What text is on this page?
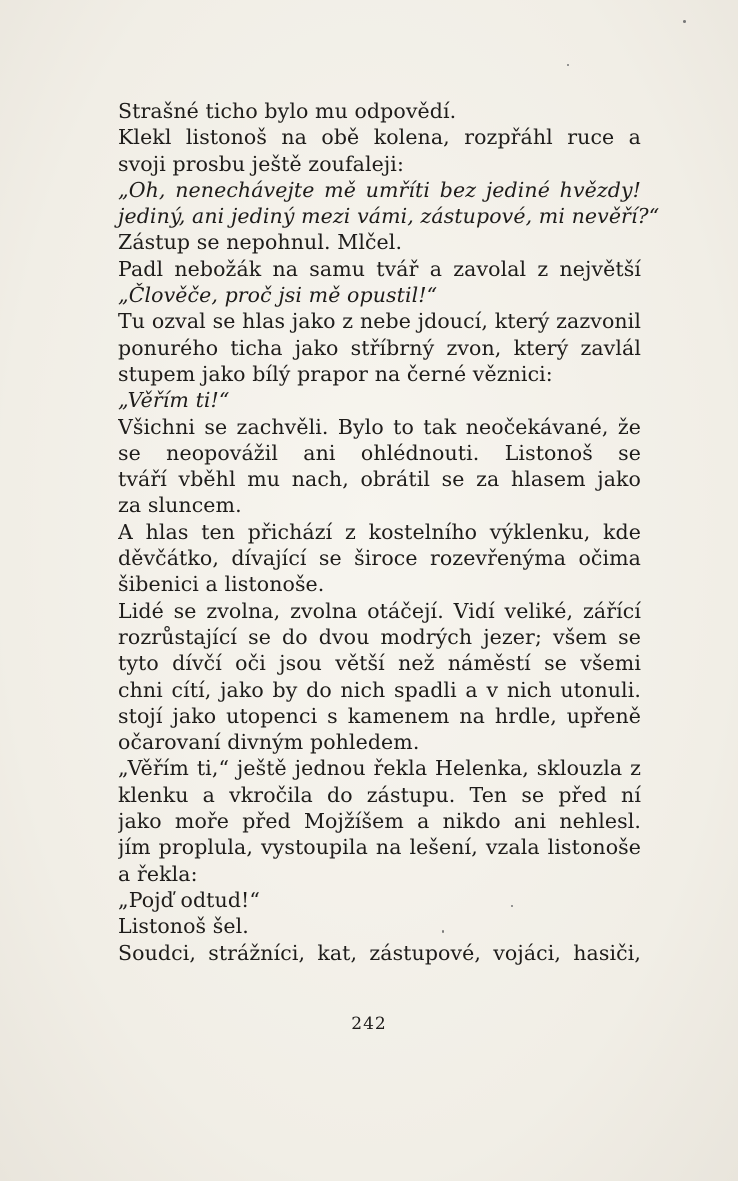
Strašné ticho bylo mu odpovědí.
Klekl listonoš na obě kolena, rozpřáhl ruce a
svoji prosbu ještě zoufaleji:
„Oh, nenechávejte mě umříti bez jediné hvězdy!
jediný, ani jediný mezi vámi, zástupové, mi nevěří?“
Zástup se nepohnul. Mlčel.
Padl nebožák na samu tvář a zavolal z největší
„Člověče, proč jsi mě opustil!“
Tu ozval se hlas jako z nebe jdoucí, který zazvonil
ponurého ticha jako stříbrný zvon, který zavlál
stupem jako bílý prapor na černé věznici:
„Věřím ti!“
Všichni se zachvěli. Bylo to tak neočekávané, že
se neopovážil ani ohlédnouti. Listonoš se
tváří vběhl mu nach, obrátil se za hlasem jako
za sluncem.
A hlas ten přichází z kostelního výklenku, kde
děvčátko, dívající se široce rozevřenýma očima
šibenici a listonoše.
Lidé se zvolna, zvolna otáčejí. Vidí veliké, zářící
rozrůstající se do dvou modrých jezer; všem se
tyto dívčí oči jsou větší než náměstí se všemi
chni cítí, jako by do nich spadli a v nich utonuli.
stojí jako utopenci s kamenem na hrdle, upřeně
očarovaní divným pohledem.
„Věřím ti,“ ještě jednou řekla Helenka, sklouzla z
klenku a vkročila do zástupu. Ten se před ní
jako moře před Mojžíšem a nikdo ani nehlesl.
jím proplula, vystoupila na lešení, vzala listonoše
a řekla:
„Pojď odtud!“
Listonoš šel.
Soudci, strážníci, kat, zástupové, vojáci, hasiči,
242
